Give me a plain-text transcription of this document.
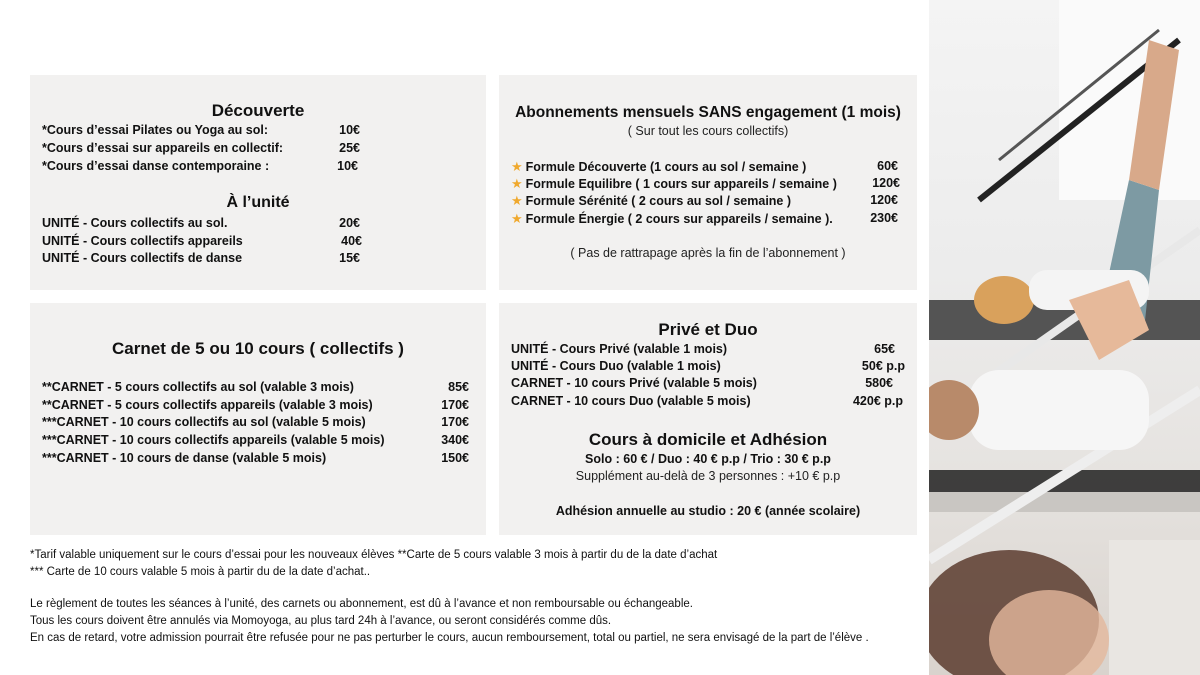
Découverte
*Cours d’essai Pilates ou Yoga au sol:	10€
*Cours d’essai sur appareils en collectif:	25€
*Cours d’essai danse contemporaine :	10€
À l’unité
UNITÉ - Cours collectifs au sol.	20€
UNITÉ - Cours collectifs appareils	40€
UNITÉ - Cours collectifs de danse	15€
Abonnements mensuels SANS engagement (1 mois)
( Sur tout les cours collectifs)
★ Formule Découverte (1 cours au sol / semaine )	60€
★ Formule Equilibre ( 1 cours sur appareils / semaine )	120€
★ Formule Sérénité ( 2 cours au sol / semaine )	120€
★ Formule Énergie ( 2 cours sur appareils / semaine ).	230€
( Pas de rattrapage après la fin de l’abonnement )
Carnet de 5 ou 10 cours ( collectifs )
**CARNET - 5 cours collectifs au sol (valable 3 mois)	85€
**CARNET - 5 cours collectifs appareils (valable 3 mois)	170€
***CARNET - 10 cours collectifs au sol (valable 5 mois)	170€
***CARNET - 10 cours collectifs appareils (valable 5 mois)	340€
***CARNET - 10 cours de danse (valable 5 mois)	150€
Privé et Duo
UNITÉ - Cours Privé (valable 1 mois)	65€
UNITÉ - Cours Duo (valable 1 mois)	50€ p.p
CARNET - 10 cours Privé (valable 5 mois)	580€
CARNET - 10 cours Duo (valable 5 mois)	420€ p.p
Cours à domicile et Adhésion
Solo : 60 € / Duo : 40 € p.p / Trio : 30 € p.p
Supplément au-delà de 3 personnes : +10 € p.p
Adhésion annuelle au studio : 20 € (année scolaire)
*Tarif valable uniquement sur le cours d’essai pour les nouveaux élèves **Carte de 5 cours valable 3 mois à partir du de la date d’achat
*** Carte de 10 cours valable 5 mois à partir du de la date d’achat..
Le règlement de toutes les séances à l’unité, des carnets ou abonnement, est dû à l’avance et non remboursable ou échangeable.
Tous les cours doivent être annulés via Momoyoga, au plus tard 24h à l’avance, ou seront considérés comme dûs.
En cas de retard, votre admission pourrait être refusée pour ne pas perturber le cours, aucun remboursement, total ou partiel, ne sera envisagé de la part de l’élève .
